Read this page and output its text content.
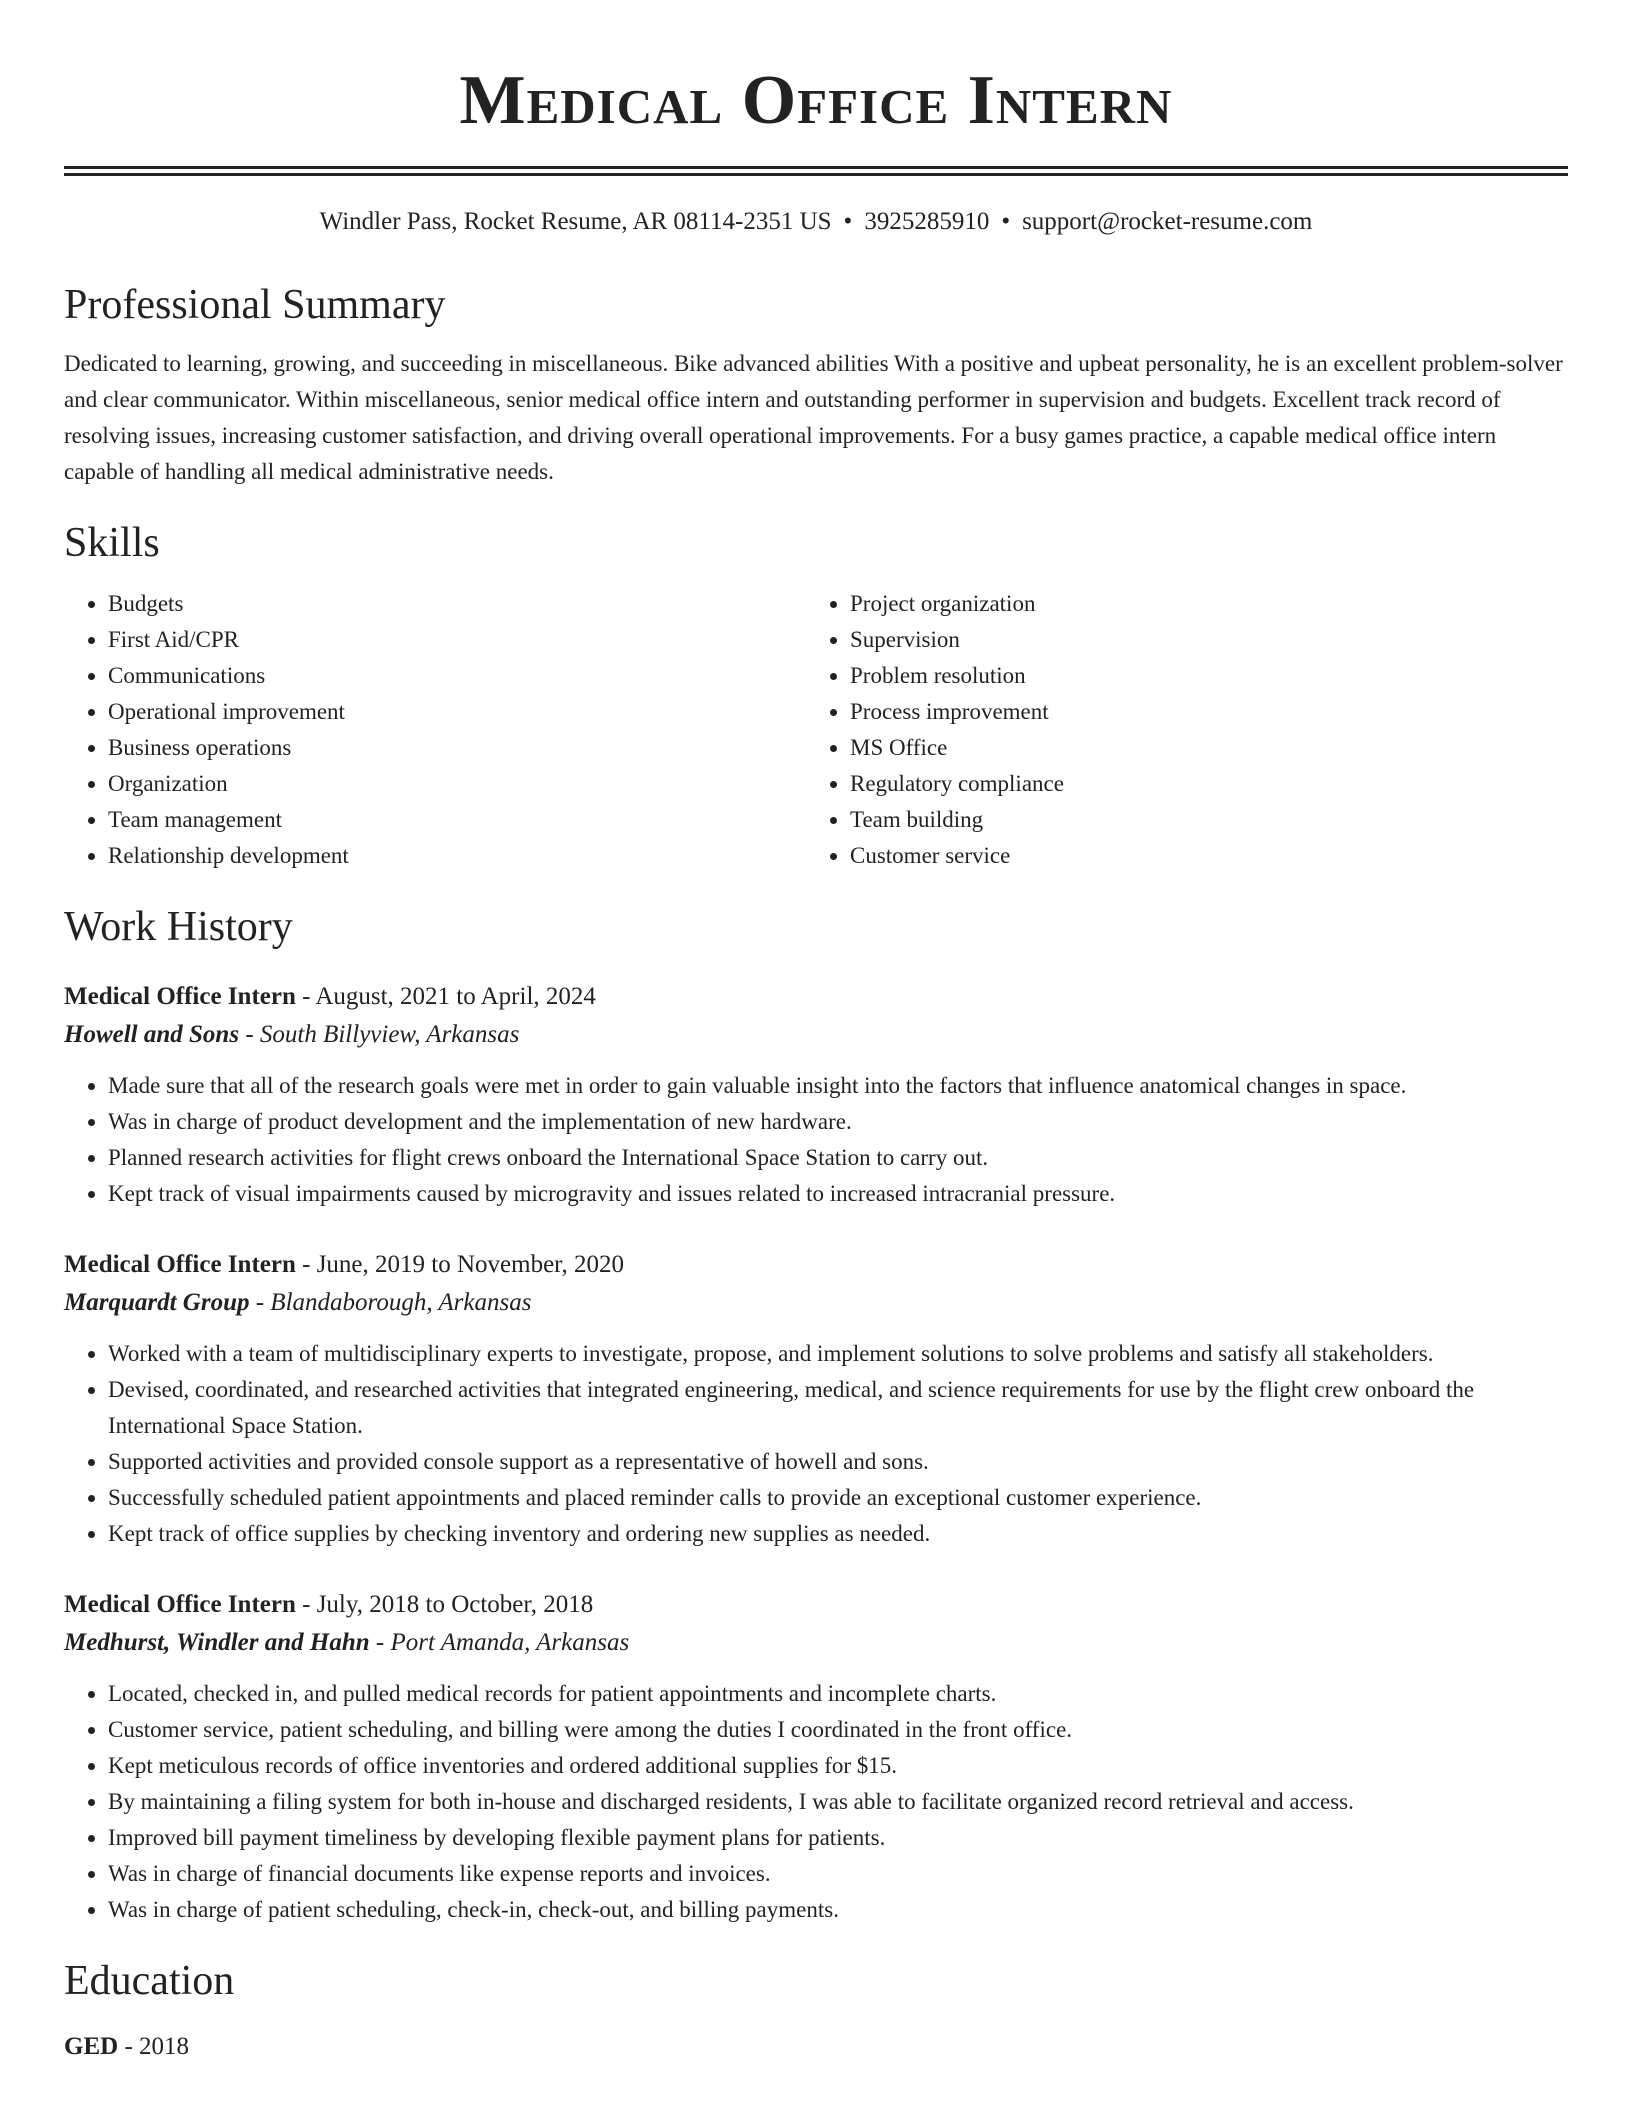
Medical Office Intern
Windler Pass, Rocket Resume, AR 08114-2351 US • 3925285910 • support@rocket-resume.com
Professional Summary

Dedicated to learning, growing, and succeeding in miscellaneous. Bike advanced abilities With a positive and upbeat personality, he is an excellent problem-solver and clear communicator. Within miscellaneous, senior medical office intern and outstanding performer in supervision and budgets. Excellent track record of resolving issues, increasing customer satisfaction, and driving overall operational improvements. For a busy games practice, a capable medical office intern capable of handling all medical administrative needs.

Skills
• Budgets
• First Aid/CPR
• Communications
• Operational improvement
• Business operations
• Organization
• Team management
• Relationship development
• Project organization
• Supervision
• Problem resolution
• Process improvement
• MS Office
• Regulatory compliance
• Team building
• Customer service
Work History
Medical Office Intern - August, 2021 to April, 2024
Howell and Sons - South Billyview, Arkansas
• Made sure that all of the research goals were met in order to gain valuable insight into the factors that influence anatomical changes in space.
• Was in charge of product development and the implementation of new hardware.
• Planned research activities for flight crews onboard the International Space Station to carry out.
• Kept track of visual impairments caused by microgravity and issues related to increased intracranial pressure.
Medical Office Intern - June, 2019 to November, 2020
Marquardt Group - Blandaborough, Arkansas
• Worked with a team of multidisciplinary experts to investigate, propose, and implement solutions to solve problems and satisfy all stakeholders.
• Devised, coordinated, and researched activities that integrated engineering, medical, and science requirements for use by the flight crew onboard the International Space Station.
• Supported activities and provided console support as a representative of howell and sons.
• Successfully scheduled patient appointments and placed reminder calls to provide an exceptional customer experience.
• Kept track of office supplies by checking inventory and ordering new supplies as needed.
Medical Office Intern - July, 2018 to October, 2018
Medhurst, Windler and Hahn - Port Amanda, Arkansas
• Located, checked in, and pulled medical records for patient appointments and incomplete charts.
• Customer service, patient scheduling, and billing were among the duties I coordinated in the front office.
• Kept meticulous records of office inventories and ordered additional supplies for $15.
• By maintaining a filing system for both in-house and discharged residents, I was able to facilitate organized record retrieval and access.
• Improved bill payment timeliness by developing flexible payment plans for patients.
• Was in charge of financial documents like expense reports and invoices.
• Was in charge of patient scheduling, check-in, check-out, and billing payments.
Education
GED - 2018
